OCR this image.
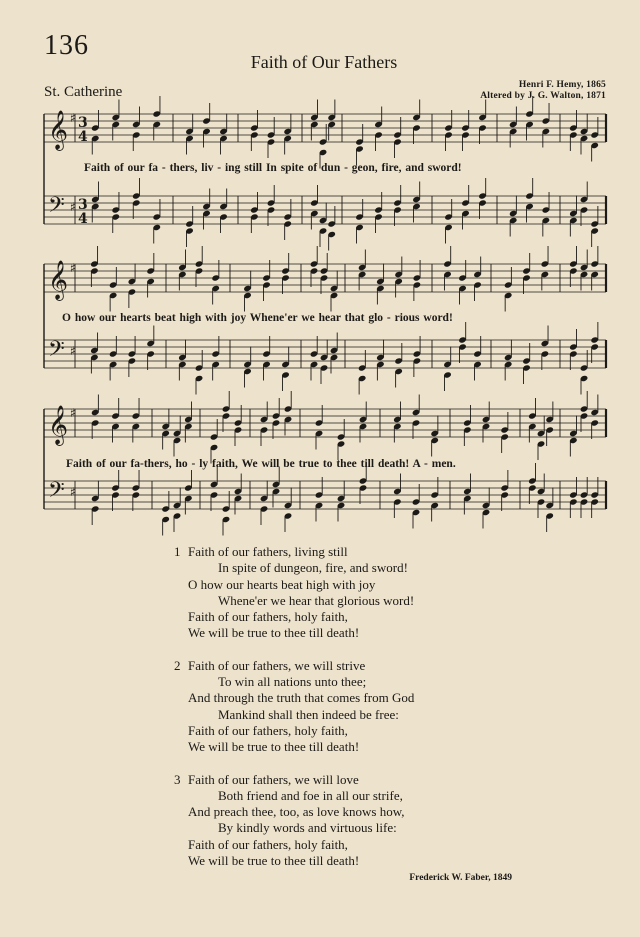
136
Faith of Our Fathers
St. Catherine	Henri F. Hemy, 1865
Altered by J. G. Walton, 1871
𝄞 ♯
𝄢 ♯
𝄞 ♯
𝄢 ♯
𝄞 ♯
𝄢 ♯
3
3
4
4
Faith of our fa - thers, liv - ing still In spite of dun - geon, fire, and sword!
O how our hearts beat high with joy Whene'er we hear that glo - rious word!
Faith of our fa-thers, ho - ly faith, We will be true to thee till death! A - men.
1 Faith of our fathers, living still
In spite of dungeon, fire, and sword!
O how our hearts beat high with joy
Whene'er we hear that glorious word!
Faith of our fathers, holy faith,
We will be true to thee till death!
2 Faith of our fathers, we will strive
To win all nations unto thee;
And through the truth that comes from God
Mankind shall then indeed be free:
Faith of our fathers, holy faith,
We will be true to thee till death!
3 Faith of our fathers, we will love
Both friend and foe in all our strife,
And preach thee, too, as love knows how,
By kindly words and virtuous life:
Faith of our fathers, holy faith,
We will be true to thee till death!
Frederick W. Faber, 1849
